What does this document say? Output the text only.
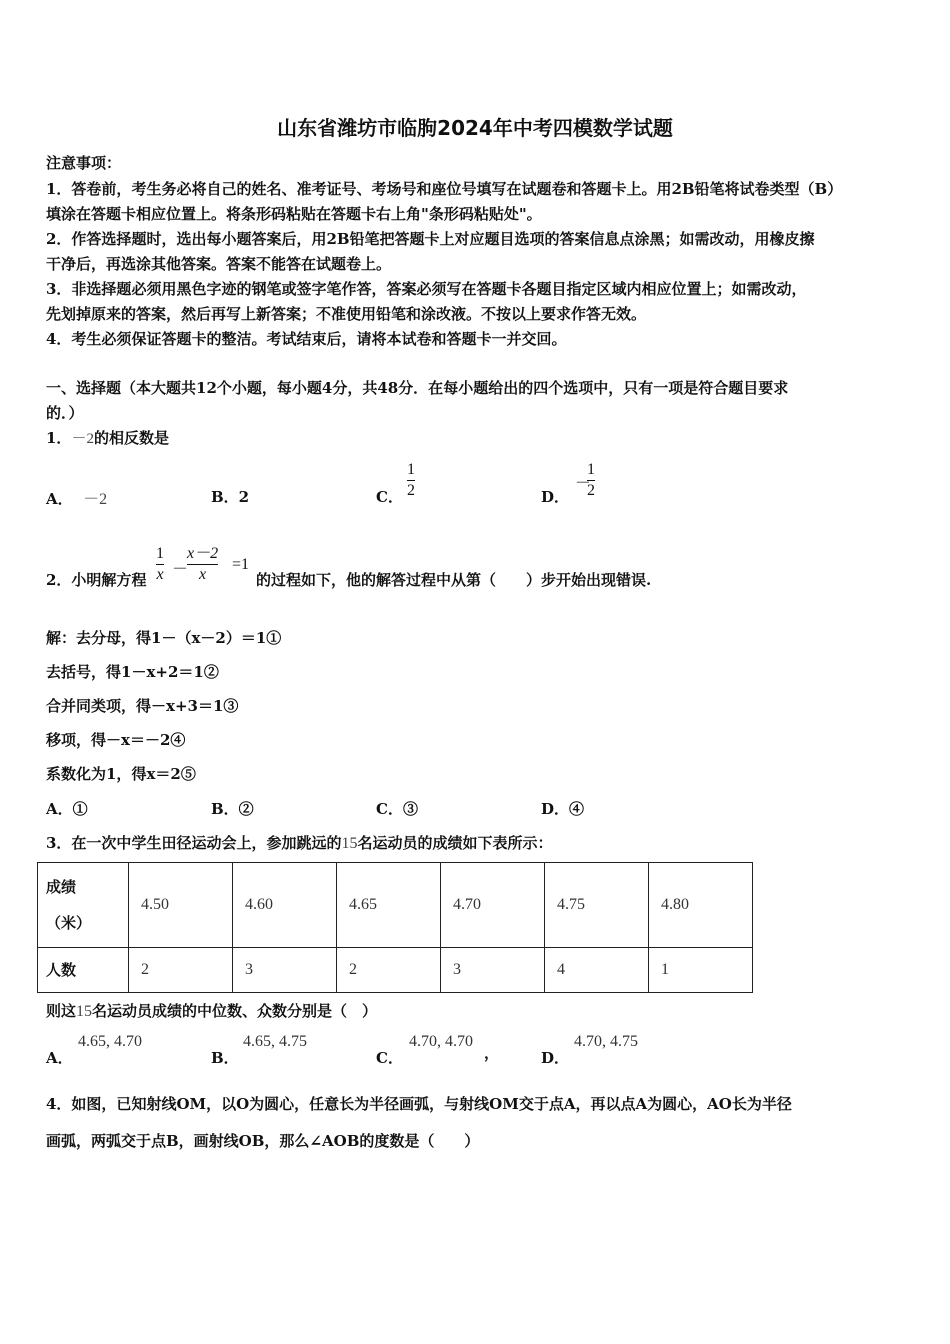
山东省潍坊市临朐2024年中考四模数学试题
注意事项：
1．答卷前，考生务必将自己的姓名、准考证号、考场号和座位号填写在试题卷和答题卡上。用2B铅笔将试卷类型（B）
填涂在答题卡相应位置上。将条形码粘贴在答题卡右上角"条形码粘贴处"。
2．作答选择题时，选出每小题答案后，用2B铅笔把答题卡上对应题目选项的答案信息点涂黑；如需改动，用橡皮擦
干净后，再选涂其他答案。答案不能答在试题卷上。
3．非选择题必须用黑色字迹的钢笔或签字笔作答，答案必须写在答题卡各题目指定区域内相应位置上；如需改动，
先划掉原来的答案，然后再写上新答案；不准使用铅笔和涂改液。不按以上要求作答无效。
4．考生必须保证答题卡的整洁。考试结束后，请将本试卷和答题卡一并交回。
一、选择题（本大题共12个小题，每小题4分，共48分．在每小题给出的四个选项中，只有一项是符合题目要求
的．）
1．－2的相反数是
A． －2	B．2	C．
1
2	D．
－
1
2
2．小明解方程
1
x －
x－2
x
=1
的过程如下，他的解答过程中从第（　　）步开始出现错误.
解：去分母，得1－（x－2）＝1①
去括号，得1－x+2＝1②
合并同类项，得－x+3＝1③
移项，得－x＝－2④
系数化为1，得x＝2⑤
A．①	B．②	C．③	D．④
3．在一次中学生田径运动会上，参加跳远的15名运动员的成绩如下表所示：
成绩
（米）	4.50	4.60	4.65	4.70	4.75	4.80
人数	2	3	2	3	4	1
则这15名运动员成绩的中位数、众数分别是（　）
A．
4.65, 4.70
B．
4.65, 4.75
C．
4.70, 4.70
，	D．
4.70, 4.75
4．如图，已知射线OM，以O为圆心，任意长为半径画弧，与射线OM交于点A，再以点A为圆心，AO长为半径
画弧，两弧交于点B，画射线OB，那么∠AOB的度数是（　　）
